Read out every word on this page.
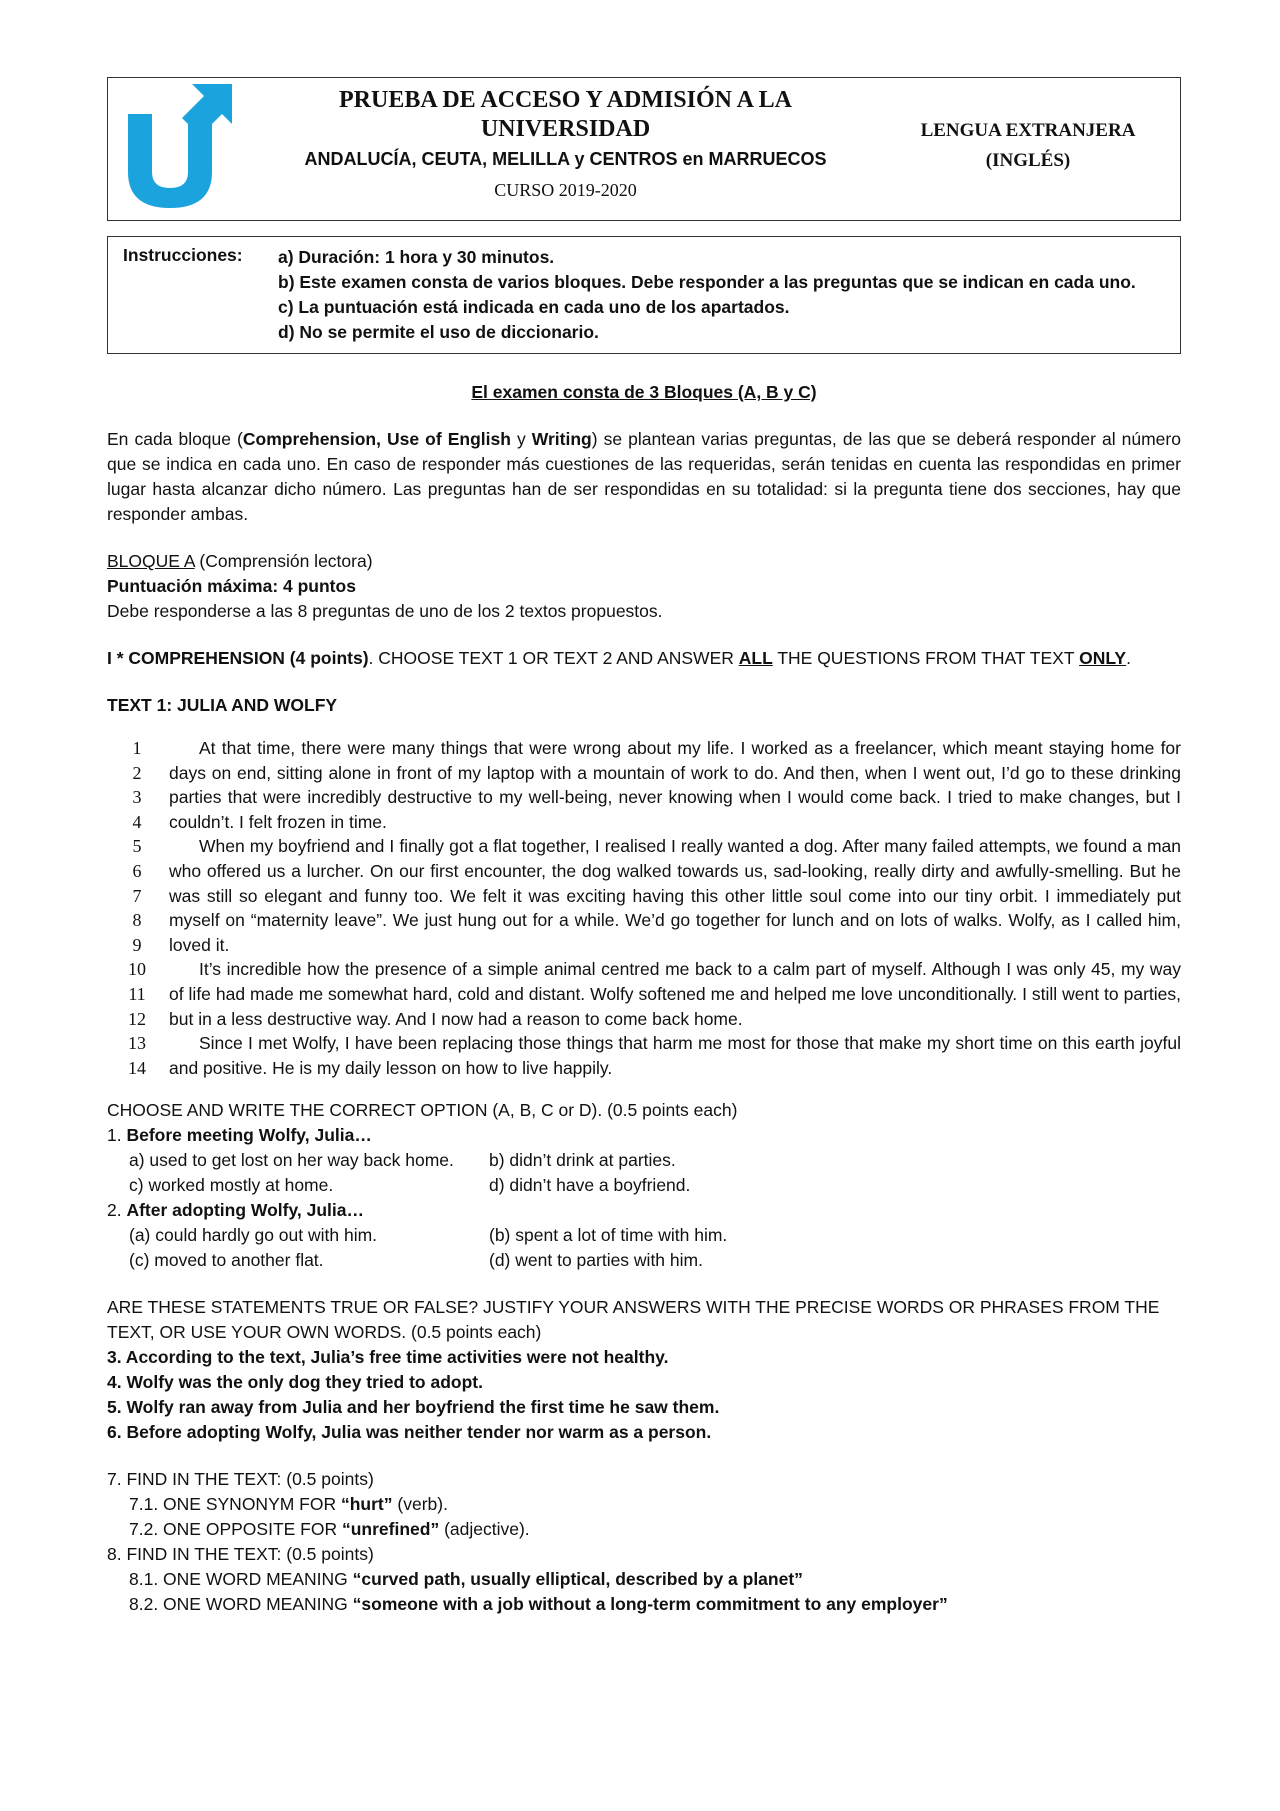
PRUEBA DE ACCESO Y ADMISIÓN A LA
UNIVERSIDAD
ANDALUCÍA, CEUTA, MELILLA y CENTROS en MARRUECOS
CURSO 2019-2020
LENGUA EXTRANJERA
(INGLÉS)
Instrucciones: a) Duración: 1 hora y 30 minutos.
b) Este examen consta de varios bloques. Debe responder a las preguntas que se indican en cada uno.
c) La puntuación está indicada en cada uno de los apartados.
d) No se permite el uso de diccionario.
El examen consta de 3 Bloques (A, B y C)

En cada bloque (Comprehension, Use of English y Writing) se plantean varias preguntas, de las que se deberá responder al número que se indica en cada uno. En caso de responder más cuestiones de las requeridas, serán tenidas en cuenta las respondidas en primer lugar hasta alcanzar dicho número. Las preguntas han de ser respondidas en su totalidad: si la pregunta tiene dos secciones, hay que responder ambas.

BLOQUE A (Comprensión lectora)
Puntuación máxima: 4 puntos
Debe responderse a las 8 preguntas de uno de los 2 textos propuestos.
I * COMPREHENSION (4 points). CHOOSE TEXT 1 OR TEXT 2 AND ANSWER ALL THE QUESTIONS FROM THAT TEXT ONLY.
TEXT 1: JULIA AND WOLFY
1	At that time, there were many things that were wrong about my life. I worked as a freelancer, which meant staying home for
2	days on end, sitting alone in front of my laptop with a mountain of work to do. And then, when I went out, I’d go to these drinking
3	parties that were incredibly destructive to my well-being, never knowing when I would come back. I tried to make changes, but I
4	couldn’t. I felt frozen in time.
5	When my boyfriend and I finally got a flat together, I realised I really wanted a dog. After many failed attempts, we found a man
6	who offered us a lurcher. On our first encounter, the dog walked towards us, sad-looking, really dirty and awfully-smelling. But he
7	was still so elegant and funny too. We felt it was exciting having this other little soul come into our tiny orbit. I immediately put
8	myself on “maternity leave”. We just hung out for a while. We’d go together for lunch and on lots of walks. Wolfy, as I called him,
9	loved it.
10	It’s incredible how the presence of a simple animal centred me back to a calm part of myself. Although I was only 45, my way
11	of life had made me somewhat hard, cold and distant. Wolfy softened me and helped me love unconditionally. I still went to parties,
12	but in a less destructive way. And I now had a reason to come back home.
13	Since I met Wolfy, I have been replacing those things that harm me most for those that make my short time on this earth joyful
14	and positive. He is my daily lesson on how to live happily.
CHOOSE AND WRITE THE CORRECT OPTION (A, B, C or D). (0.5 points each)
1. Before meeting Wolfy, Julia…
a) used to get lost on her way back home.	b) didn’t drink at parties.
c) worked mostly at home.	d) didn’t have a boyfriend.
2. After adopting Wolfy, Julia…
(a) could hardly go out with him.	(b) spent a lot of time with him.
(c) moved to another flat.	(d) went to parties with him.
ARE THESE STATEMENTS TRUE OR FALSE? JUSTIFY YOUR ANSWERS WITH THE PRECISE WORDS OR PHRASES FROM THE TEXT, OR USE YOUR OWN WORDS. (0.5 points each)
3. According to the text, Julia’s free time activities were not healthy.
4. Wolfy was the only dog they tried to adopt.
5. Wolfy ran away from Julia and her boyfriend the first time he saw them.
6. Before adopting Wolfy, Julia was neither tender nor warm as a person.
7. FIND IN THE TEXT: (0.5 points)
7.1. ONE SYNONYM FOR “hurt” (verb).
7.2. ONE OPPOSITE FOR “unrefined” (adjective).
8. FIND IN THE TEXT: (0.5 points)
8.1. ONE WORD MEANING “curved path, usually elliptical, described by a planet”
8.2. ONE WORD MEANING “someone with a job without a long-term commitment to any employer”
